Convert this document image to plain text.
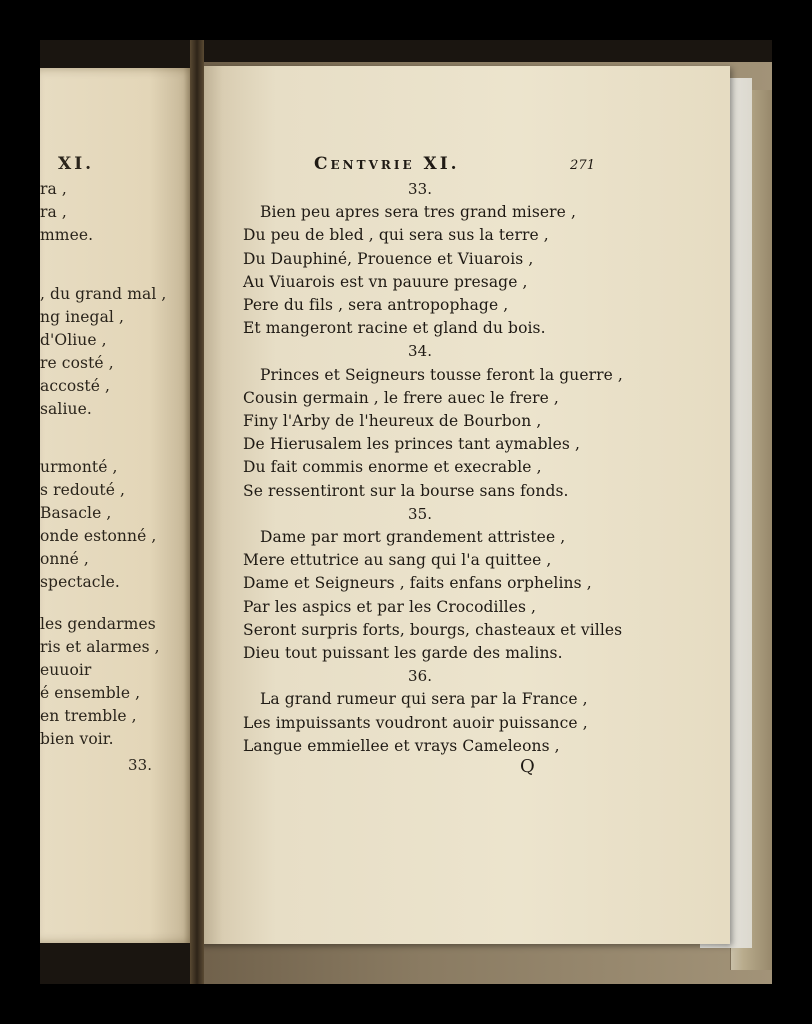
XI.
ra ,
ra ,
mmee.
, du grand mal ,
ng inegal ,
d'Oliue ,
re costé ,
accosté ,
saliue.
urmonté ,
s redouté ,
Basacle ,
onde estonné ,
onné ,
spectacle.
les gendarmes
ris et alarmes ,
euuoir
é ensemble ,
en tremble ,
bien voir.
33.
Centvrie XI.	271
33.
Bien peu apres sera tres grand misere ,
Du peu de bled , qui sera sus la terre ,
Du Dauphiné, Prouence et Viuarois ,
Au Viuarois est vn pauure presage ,
Pere du fils , sera antropophage ,
Et mangeront racine et gland du bois.
34.
Princes et Seigneurs tousse feront la guerre ,
Cousin germain , le frere auec le frere ,
Finy l'Arby de l'heureux de Bourbon ,
De Hierusalem les princes tant aymables ,
Du fait commis enorme et execrable ,
Se ressentiront sur la bourse sans fonds.
35.
Dame par mort grandement attristee ,
Mere ettutrice au sang qui l'a quittee ,
Dame et Seigneurs , faits enfans orphelins ,
Par les aspics et par les Crocodilles ,
Seront surpris forts, bourgs, chasteaux et villes
Dieu tout puissant les garde des malins.
36.
La grand rumeur qui sera par la France ,
Les impuissants voudront auoir puissance ,
Langue emmiellee et vrays Cameleons ,
Q
